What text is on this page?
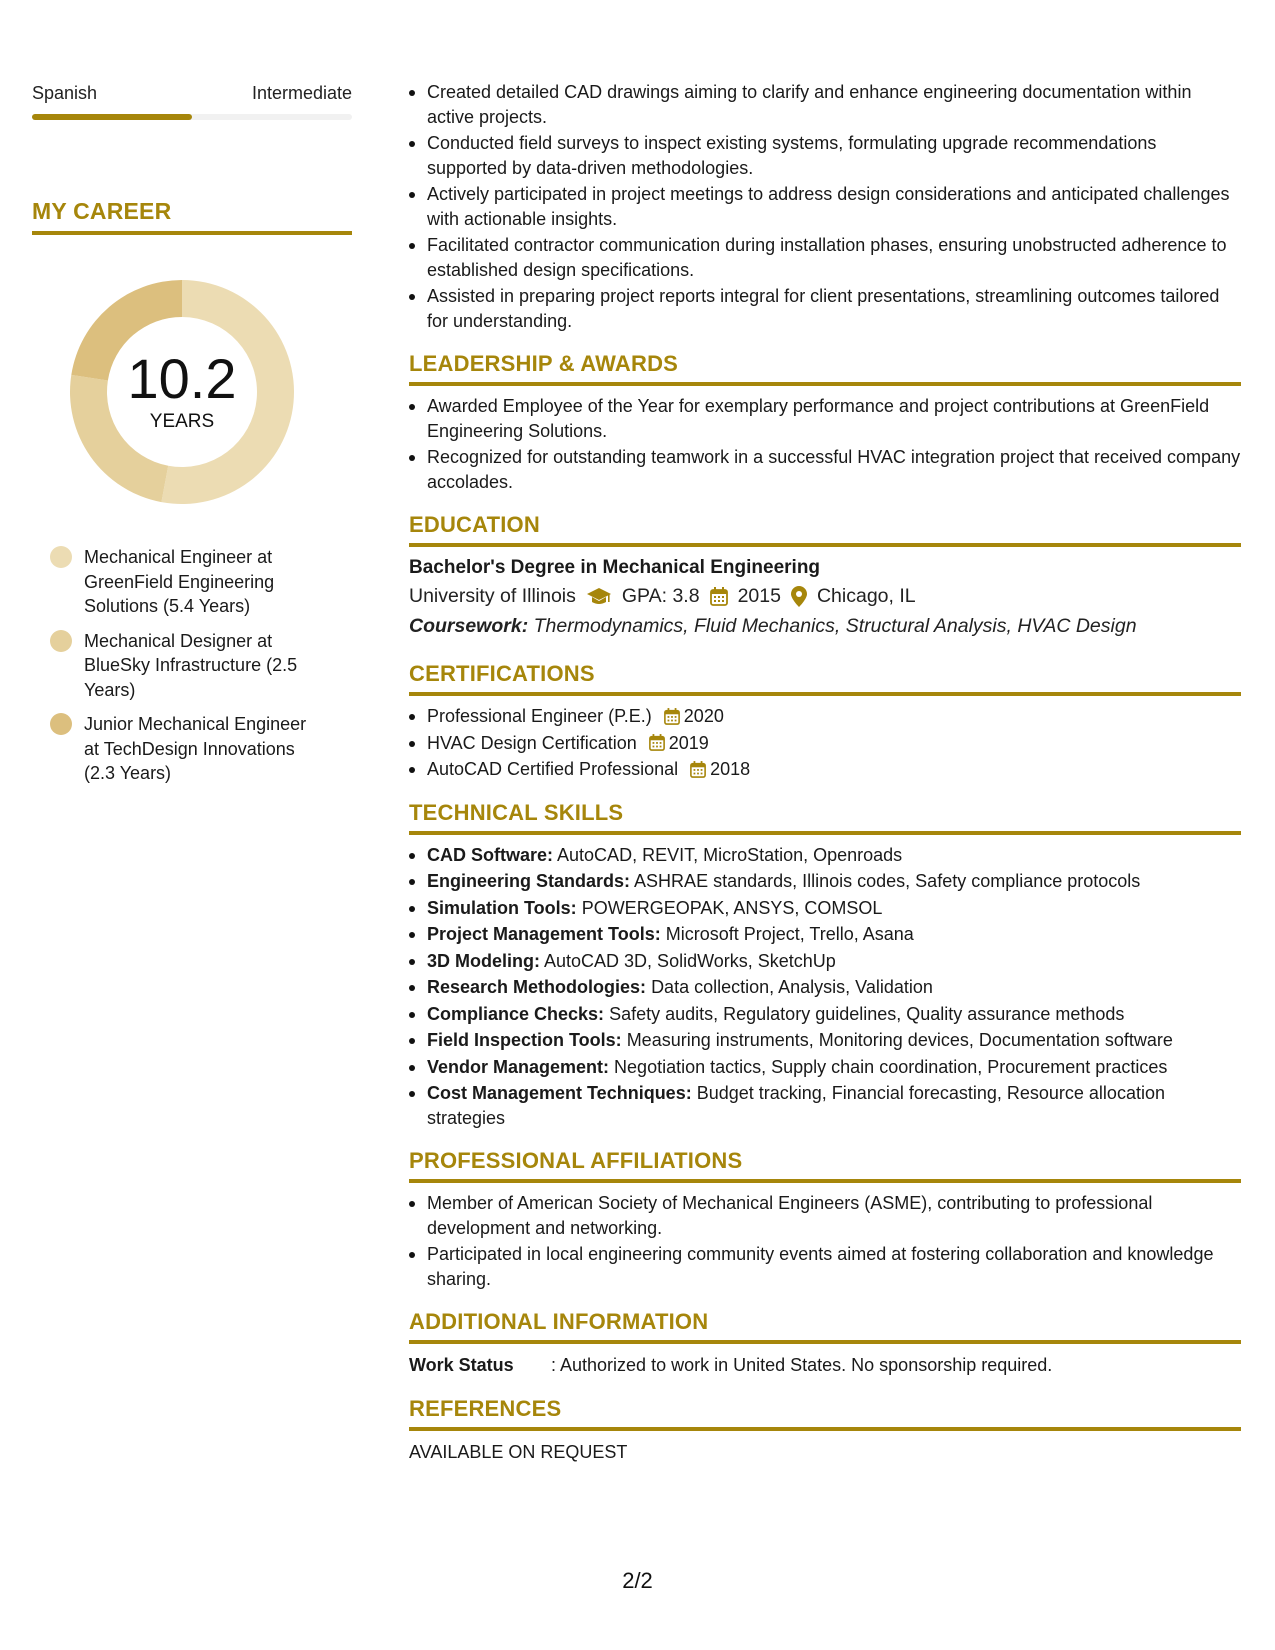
Spanish	Intermediate
MY CAREER
10.2
YEARS
Mechanical Engineer at GreenField Engineering Solutions (5.4 Years)
Mechanical Designer at BlueSky Infrastructure (2.5 Years)
Junior Mechanical Engineer at TechDesign Innovations (2.3 Years)
Created detailed CAD drawings aiming to clarify and enhance engineering documentation within active projects.
Conducted field surveys to inspect existing systems, formulating upgrade recommendations supported by data-driven methodologies.
Actively participated in project meetings to address design considerations and anticipated challenges with actionable insights.
Facilitated contractor communication during installation phases, ensuring unobstructed adherence to established design specifications.
Assisted in preparing project reports integral for client presentations, streamlining outcomes tailored for understanding.
LEADERSHIP & AWARDS
Awarded Employee of the Year for exemplary performance and project contributions at GreenField Engineering Solutions.
Recognized for outstanding teamwork in a successful HVAC integration project that received company accolades.
EDUCATION
Bachelor's Degree in Mechanical Engineering
University of Illinois GPA: 3.8 2015 Chicago, IL
Coursework: Thermodynamics, Fluid Mechanics, Structural Analysis, HVAC Design
CERTIFICATIONS
Professional Engineer (P.E.) 2020
HVAC Design Certification 2019
AutoCAD Certified Professional 2018
TECHNICAL SKILLS
CAD Software: AutoCAD, REVIT, MicroStation, Openroads
Engineering Standards: ASHRAE standards, Illinois codes, Safety compliance protocols
Simulation Tools: POWERGEOPAK, ANSYS, COMSOL
Project Management Tools: Microsoft Project, Trello, Asana
3D Modeling: AutoCAD 3D, SolidWorks, SketchUp
Research Methodologies: Data collection, Analysis, Validation
Compliance Checks: Safety audits, Regulatory guidelines, Quality assurance methods
Field Inspection Tools: Measuring instruments, Monitoring devices, Documentation software
Vendor Management: Negotiation tactics, Supply chain coordination, Procurement practices
Cost Management Techniques: Budget tracking, Financial forecasting, Resource allocation strategies
PROFESSIONAL AFFILIATIONS
Member of American Society of Mechanical Engineers (ASME), contributing to professional development and networking.
Participated in local engineering community events aimed at fostering collaboration and knowledge sharing.
ADDITIONAL INFORMATION
Work Status	: Authorized to work in United States. No sponsorship required.
REFERENCES
AVAILABLE ON REQUEST
2/2
